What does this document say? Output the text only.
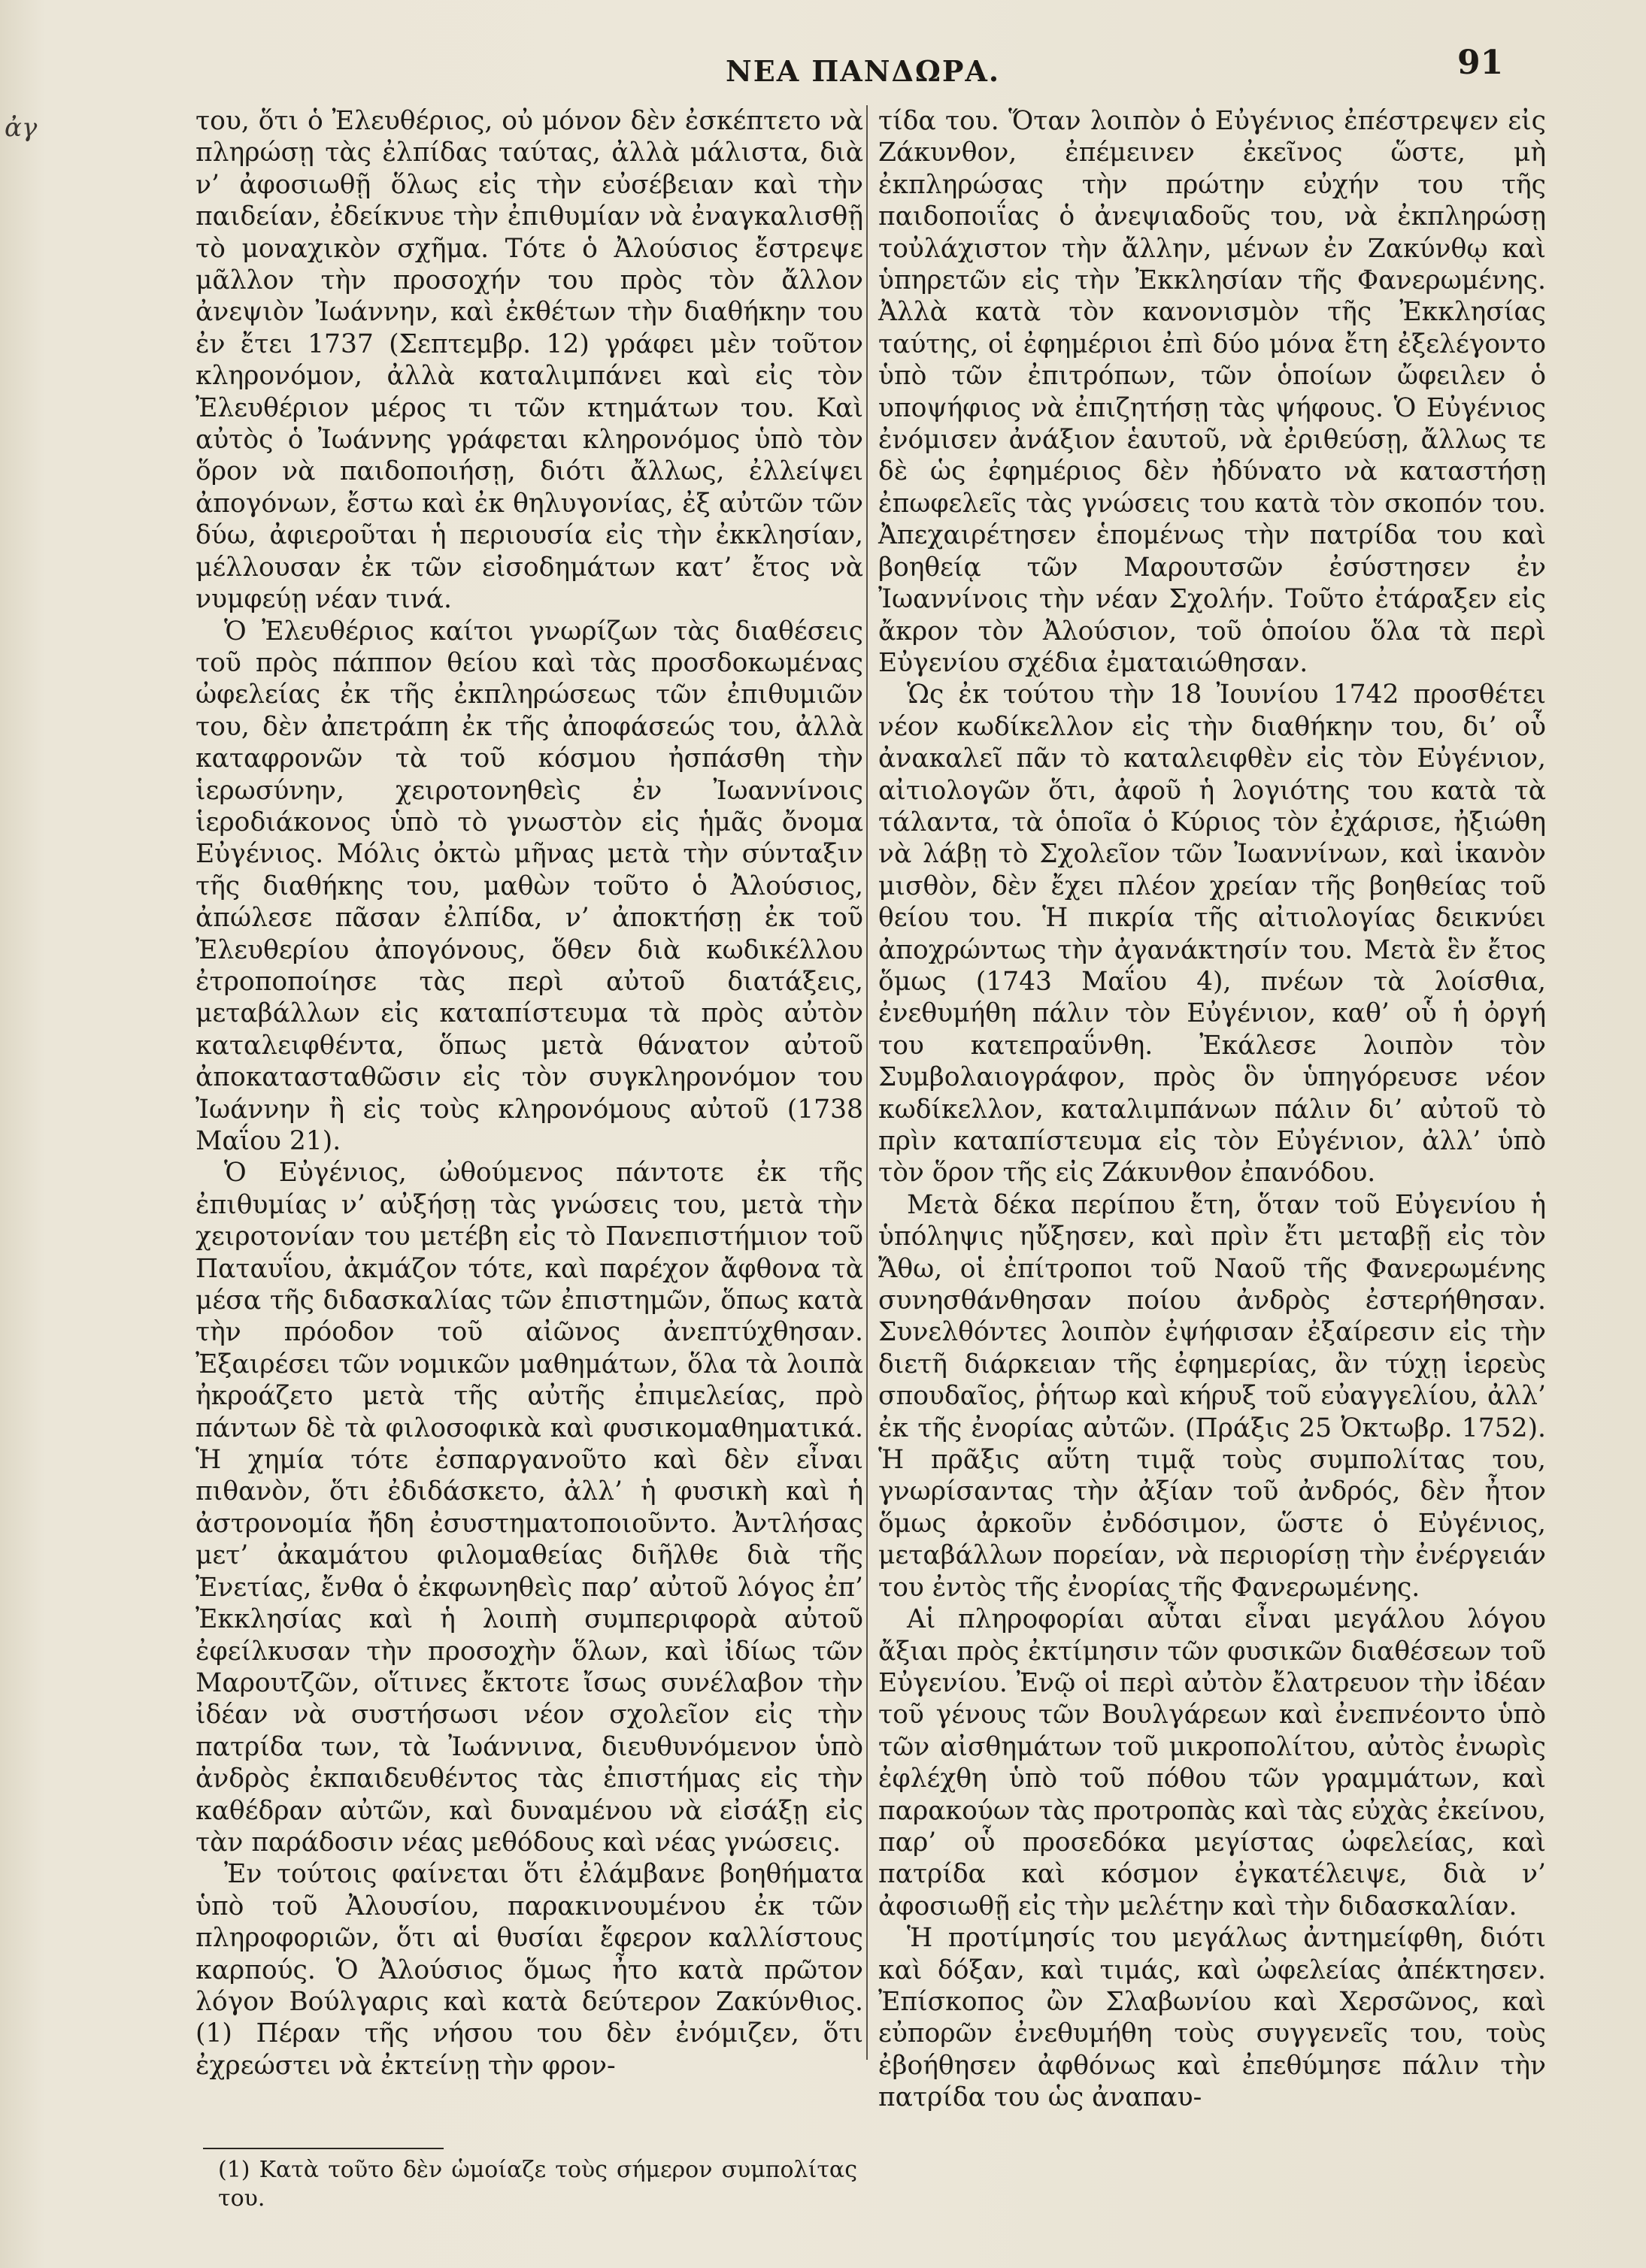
ἀγ
ΝΕΑ ΠΑΝΔΩΡΑ.	91

του, ὅτι ὁ Ἐλευθέριος, οὐ μόνον δὲν ἐσκέπτετο νὰ πληρώσῃ τὰς ἐλπίδας ταύτας, ἀλλὰ μάλιστα, διὰ ν’ ἀφοσιωθῇ ὅλως εἰς τὴν εὐσέβειαν καὶ τὴν παιδείαν, ἐδείκνυε τὴν ἐπιθυμίαν νὰ ἐναγκαλισθῇ τὸ μοναχικὸν σχῆμα. Τότε ὁ Ἀλούσιος ἔστρεψε μᾶλλον τὴν προσοχήν του πρὸς τὸν ἄλλον ἀνεψιὸν Ἰωάννην, καὶ ἐκθέτων τὴν διαθήκην του ἐν ἔτει 1737 (Σεπτεμβρ. 12) γράφει μὲν τοῦτον κληρονόμον, ἀλλὰ καταλιμπάνει καὶ εἰς τὸν Ἐλευθέριον μέρος τι τῶν κτημάτων του. Καὶ αὐτὸς ὁ Ἰωάννης γράφεται κληρονόμος ὑπὸ τὸν ὅρον νὰ παιδοποιήσῃ, διότι ἄλλως, ἐλλείψει ἀπογόνων, ἔστω καὶ ἐκ θηλυγονίας, ἐξ αὐτῶν τῶν δύω, ἀφιεροῦται ἡ περιουσία εἰς τὴν ἐκκλησίαν, μέλλουσαν ἐκ τῶν εἰσοδημάτων κατ’ ἔτος νὰ νυμφεύῃ νέαν τινά.

Ὁ Ἐλευθέριος καίτοι γνωρίζων τὰς διαθέσεις τοῦ πρὸς πάππον θείου καὶ τὰς προσδοκωμένας ὠφελείας ἐκ τῆς ἐκπληρώσεως τῶν ἐπιθυμιῶν του, δὲν ἀπετράπη ἐκ τῆς ἀποφάσεώς του, ἀλλὰ καταφρονῶν τὰ τοῦ κόσμου ἠσπάσθη τὴν ἱερωσύνην, χειροτονηθεὶς ἐν Ἰωαννίνοις ἱεροδιάκονος ὑπὸ τὸ γνωστὸν εἰς ἡμᾶς ὄνομα Εὐγένιος. Μόλις ὀκτὼ μῆνας μετὰ τὴν σύνταξιν τῆς διαθήκης του, μαθὼν τοῦτο ὁ Ἀλούσιος, ἀπώλεσε πᾶσαν ἐλπίδα, ν’ ἀποκτήσῃ ἐκ τοῦ Ἐλευθερίου ἀπογόνους, ὅθεν διὰ κωδικέλλου ἐτροποποίησε τὰς περὶ αὐτοῦ διατάξεις, μεταβάλλων εἰς καταπίστευμα τὰ πρὸς αὐτὸν καταλειφθέντα, ὅπως μετὰ θάνατον αὐτοῦ ἀποκατασταθῶσιν εἰς τὸν συγκληρονόμον του Ἰωάννην ἢ εἰς τοὺς κληρονόμους αὐτοῦ (1738 Μαΐου 21).

Ὁ Εὐγένιος, ὠθούμενος πάντοτε ἐκ τῆς ἐπιθυμίας ν’ αὐξήσῃ τὰς γνώσεις του, μετὰ τὴν χειροτονίαν του μετέβη εἰς τὸ Πανεπιστήμιον τοῦ Παταυΐου, ἀκμάζον τότε, καὶ παρέχον ἄφθονα τὰ μέσα τῆς διδασκαλίας τῶν ἐπιστημῶν, ὅπως κατὰ τὴν πρόοδον τοῦ αἰῶνος ἀνεπτύχθησαν. Ἐξαιρέσει τῶν νομικῶν μαθημάτων, ὅλα τὰ λοιπὰ ἠκροάζετο μετὰ τῆς αὐτῆς ἐπιμελείας, πρὸ πάντων δὲ τὰ φιλοσοφικὰ καὶ φυσικομαθηματικά. Ἡ χημία τότε ἐσπαργανοῦτο καὶ δὲν εἶναι πιθανὸν, ὅτι ἐδιδάσκετο, ἀλλ’ ἡ φυσικὴ καὶ ἡ ἀστρονομία ἤδη ἐσυστηματοποιοῦντο. Ἀντλήσας μετ’ ἀκαμάτου φιλομαθείας διῆλθε διὰ τῆς Ἐνετίας, ἔνθα ὁ ἐκφωνηθεὶς παρ’ αὐτοῦ λόγος ἐπ’ Ἐκκλησίας καὶ ἡ λοιπὴ συμπεριφορὰ αὐτοῦ ἐφείλκυσαν τὴν προσοχὴν ὅλων, καὶ ἰδίως τῶν Μαρουτζῶν, οἵτινες ἔκτοτε ἴσως συνέλαβον τὴν ἰδέαν νὰ συστήσωσι νέον σχολεῖον εἰς τὴν πατρίδα των, τὰ Ἰωάννινα, διευθυνόμενον ὑπὸ ἀνδρὸς ἐκπαιδευθέντος τὰς ἐπιστήμας εἰς τὴν καθέδραν αὐτῶν, καὶ δυναμένου νὰ εἰσάξῃ εἰς τὰν παράδοσιν νέας μεθόδους καὶ νέας γνώσεις.

Ἐν τούτοις φαίνεται ὅτι ἐλάμβανε βοηθήματα ὑπὸ τοῦ Ἀλουσίου, παρακινουμένου ἐκ τῶν πληροφοριῶν, ὅτι αἱ θυσίαι ἔφερον καλλίστους καρπούς. Ὁ Ἀλούσιος ὅμως ἦτο κατὰ πρῶτον λόγον Βούλγαρις καὶ κατὰ δεύτερον Ζακύνθιος. (1) Πέραν τῆς νήσου του δὲν ἐνόμιζεν, ὅτι ἐχρεώστει νὰ ἐκτείνῃ τὴν φρον-

τίδα του. Ὅταν λοιπὸν ὁ Εὐγένιος ἐπέστρεψεν εἰς Ζάκυνθον, ἐπέμεινεν ἐκεῖνος ὥστε, μὴ ἐκπληρώσας τὴν πρώτην εὐχήν του τῆς παιδοποιΐας ὁ ἀνεψιαδοῦς του, νὰ ἐκπληρώσῃ τοὐλάχιστον τὴν ἄλλην, μένων ἐν Ζακύνθῳ καὶ ὑπηρετῶν εἰς τὴν Ἐκκλησίαν τῆς Φανερωμένης. Ἀλλὰ κατὰ τὸν κανονισμὸν τῆς Ἐκκλησίας ταύτης, οἱ ἐφημέριοι ἐπὶ δύο μόνα ἔτη ἐξελέγοντο ὑπὸ τῶν ἐπιτρόπων, τῶν ὁποίων ὤφειλεν ὁ υποψήφιος νὰ ἐπιζητήσῃ τὰς ψήφους. Ὁ Εὐγένιος ἐνόμισεν ἀνάξιον ἑαυτοῦ, νὰ ἐριθεύσῃ, ἄλλως τε δὲ ὡς ἐφημέριος δὲν ἠδύνατο νὰ καταστήσῃ ἐπωφελεῖς τὰς γνώσεις του κατὰ τὸν σκοπόν του. Ἀπεχαιρέτησεν ἑπομένως τὴν πατρίδα του καὶ βοηθείᾳ τῶν Μαρουτσῶν ἐσύστησεν ἐν Ἰωαννίνοις τὴν νέαν Σχολήν. Τοῦτο ἐτάραξεν εἰς ἄκρον τὸν Ἀλούσιον, τοῦ ὁποίου ὅλα τὰ περὶ Εὐγενίου σχέδια ἐματαιώθησαν.

Ὡς ἐκ τούτου τὴν 18 Ἰουνίου 1742 προσθέτει νέον κωδίκελλον εἰς τὴν διαθήκην του, δι’ οὗ ἀνακαλεῖ πᾶν τὸ καταλειφθὲν εἰς τὸν Εὐγένιον, αἰτιολογῶν ὅτι, ἀφοῦ ἡ λογιότης του κατὰ τὰ τάλαντα, τὰ ὁποῖα ὁ Κύριος τὸν ἐχάρισε, ἠξιώθη νὰ λάβῃ τὸ Σχολεῖον τῶν Ἰωαννίνων, καὶ ἱκανὸν μισθὸν, δὲν ἔχει πλέον χρείαν τῆς βοηθείας τοῦ θείου του. Ἡ πικρία τῆς αἰτιολογίας δεικνύει ἀποχρώντως τὴν ἀγανάκτησίν του. Μετὰ ἓν ἔτος ὅμως (1743 Μαΐου 4), πνέων τὰ λοίσθια, ἐνεθυμήθη πάλιν τὸν Εὐγένιον, καθ’ οὗ ἡ ὀργή του κατεπραΰνθη. Ἐκάλεσε λοιπὸν τὸν Συμβολαιογράφον, πρὸς ὃν ὑπηγόρευσε νέον κωδίκελλον, καταλιμπάνων πάλιν δι’ αὐτοῦ τὸ πρὶν καταπίστευμα εἰς τὸν Εὐγένιον, ἀλλ’ ὑπὸ τὸν ὅρον τῆς εἰς Ζάκυνθον ἐπανόδου.

Μετὰ δέκα περίπου ἔτη, ὅταν τοῦ Εὐγενίου ἡ ὑπόληψις ηὔξησεν, καὶ πρὶν ἔτι μεταβῇ εἰς τὸν Ἄθω, οἱ ἐπίτροποι τοῦ Ναοῦ τῆς Φανερωμένης συνησθάνθησαν ποίου ἀνδρὸς ἐστερήθησαν. Συνελθόντες λοιπὸν ἐψήφισαν ἐξαίρεσιν εἰς τὴν διετῆ διάρκειαν τῆς ἐφημερίας, ἂν τύχῃ ἱερεὺς σπουδαῖος, ῥήτωρ καὶ κήρυξ τοῦ εὐαγγελίου, ἀλλ’ ἐκ τῆς ἐνορίας αὐτῶν. (Πράξις 25 Ὀκτωβρ. 1752). Ἡ πρᾶξις αὕτη τιμᾷ τοὺς συμπολίτας του, γνωρίσαντας τὴν ἀξίαν τοῦ ἀνδρός, δὲν ἦτον ὅμως ἀρκοῦν ἐνδόσιμον, ὥστε ὁ Εὐγένιος, μεταβάλλων πορείαν, νὰ περιορίσῃ τὴν ἐνέργειάν του ἐντὸς τῆς ἐνορίας τῆς Φανερωμένης.

Αἱ πληροφορίαι αὗται εἶναι μεγάλου λόγου ἄξιαι πρὸς ἐκτίμησιν τῶν φυσικῶν διαθέσεων τοῦ Εὐγενίου. Ἐνῷ οἱ περὶ αὐτὸν ἔλατρευον τὴν ἰδέαν τοῦ γένους τῶν Βουλγάρεων καὶ ἐνεπνέοντο ὑπὸ τῶν αἰσθημάτων τοῦ μικροπολίτου, αὐτὸς ἐνωρὶς ἐφλέχθη ὑπὸ τοῦ πόθου τῶν γραμμάτων, καὶ παρακούων τὰς προτροπὰς καὶ τὰς εὐχὰς ἐκείνου, παρ’ οὗ προσεδόκα μεγίστας ὠφελείας, καὶ πατρίδα καὶ κόσμον ἐγκατέλειψε, διὰ ν’ ἀφοσιωθῇ εἰς τὴν μελέτην καὶ τὴν διδασκαλίαν.

Ἡ προτίμησίς του μεγάλως ἀντημείφθη, διότι καὶ δόξαν, καὶ τιμάς, καὶ ὠφελείας ἀπέκτησεν. Ἐπίσκοπος ὢν Σλαβωνίου καὶ Χερσῶνος, καὶ εὐπορῶν ἐνεθυμήθη τοὺς συγγενεῖς του, τοὺς ἐβοήθησεν ἀφθόνως καὶ ἐπεθύμησε πάλιν τὴν πατρίδα του ὡς ἀναπαυ-

(1) Κατὰ τοῦτο δὲν ὡμοίαζε τοὺς σήμερον συμπολίτας του.
